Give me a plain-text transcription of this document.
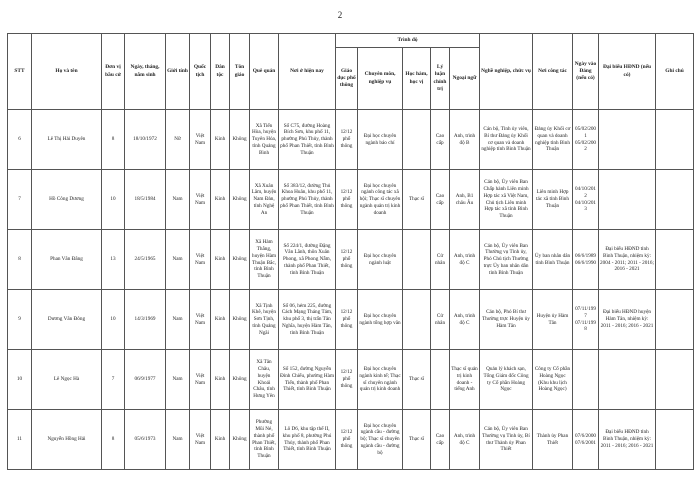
2
STT	Họ và tên	Đơn vị bầu cử	Ngày, tháng, năm sinh	Giới tính	Quốc tịch	Dân tộc	Tôn giáo	Quê quán	Nơi ở hiện nay	Trình độ					Nghề nghiệp, chức vụ	Nơi công tác	Ngày vào Đảng (nếu có)	Đại biểu HĐND (nếu có)	Ghi chú
										Giáo dục phổ thông	Chuyên môn, nghiệp vụ	Học hàm, học vị	Lý luận chính trị	Ngoại ngữ					
6	Lê Thị Hải Duyên	8	18/10/1972	Nữ	Việt Nam	Kinh	Không	Xã Tiến Hòa, huyện Tuyên Hóa, tỉnh Quảng Bình	Số C75, đường Hoàng Bích Sơn, khu phố 11, phường Phú Thủy, thành phố Phan Thiết, tỉnh Bình Thuận	12/12 phổ thông	Đại học chuyên ngành báo chí		Cao cấp	Anh, trình độ B	Cán bộ, Tỉnh ủy viên, Bí thư Đảng ủy Khối cơ quan và doanh nghiệp tỉnh Bình Thuận	Đảng ủy Khối cơ quan và doanh nghiệp tỉnh Bình Thuận	05/02/2001 05/02/2002		
7	Hồ Công Dương	10	18/5/1984	Nam	Việt Nam	Kinh	Không	Xã Xuân Lâm, huyện Nam Đàn, tỉnh Nghệ An	Số 383/12, đường Thủ Khoa Huân, khu phố 11, phường Phú Thủy, thành phố Phan Thiết, tỉnh Bình Thuận	12/12 phổ thông	Đại học chuyên ngành công tác xã hội; Thạc sĩ chuyên ngành quản trị kinh doanh	Thạc sĩ	Cao cấp	Anh, B1 châu Âu	Cán bộ, Ủy viên Ban Chấp hành Liên minh Hợp tác xã Việt Nam, Chủ tịch Liên minh Hợp tác xã tỉnh Bình Thuận	Liên minh Hợp tác xã tỉnh Bình Thuận	04/10/2012 04/10/2013		
8	Phan Văn Đăng	13	24/5/1965	Nam	Việt Nam	Kinh	Không	Xã Hàm Thắng, huyện Hàm Thuận Bắc, tỉnh Bình Thuận	Số 224/1, đường Đặng Văn Lãnh, thôn Xuân Phong, xã Phong Nẫm, thành phố Phan Thiết, tỉnh Bình Thuận	12/12 phổ thông	Đại học chuyên ngành luật		Cử nhân	Anh, trình độ C	Cán bộ, Ủy viên Ban Thường vụ Tỉnh ủy, Phó Chủ tịch Thường trực Ủy ban nhân dân tỉnh Bình Thuận	Ủy ban nhân dân tỉnh Bình Thuận	06/6/1989 06/6/1990	Đại biểu HĐND tỉnh Bình Thuận, nhiệm kỳ: 2004 - 2011; 2011 - 2016; 2016 - 2021	
9	Dương Văn Đông	10	14/3/1969	Nam	Việt Nam	Kinh	Không	Xã Tịnh Khê, huyện Sơn Tịnh, tỉnh Quảng Ngãi	Số 06, hẻm 225, đường Cách Mạng Tháng Tám, khu phố 3, thị trấn Tân Nghĩa, huyện Hàm Tân, tỉnh Bình Thuận	12/12 phổ thông	Đại học chuyên ngành tổng hợp văn		Cử nhân	Anh, trình độ C	Cán bộ, Phó Bí thư Thường trực Huyện ủy Hàm Tân	Huyện ủy Hàm Tân	07/11/1997 07/11/1998	Đại biểu HĐND huyện Hàm Tân, nhiệm kỳ: 2011 - 2016; 2016 - 2021	
10	Lê Ngọc Hà	7	06/9/1977	Nam	Việt Nam	Kinh	Không	Xã Tân Châu, huyện Khoái Châu, tỉnh Hưng Yên	Số 152, đường Nguyễn Đình Chiểu, phường Hàm Tiến, thành phố Phan Thiết, tỉnh Bình Thuận	12/12 phổ thông	Đại học chuyên ngành kinh tế; Thạc sĩ chuyên ngành quản trị kinh doanh	Thạc sĩ		Thạc sĩ quản trị kinh doanh - tiếng Anh	Quản lý khách sạn, Tổng Giám đốc Công ty Cổ phần Hoàng Ngọc	Công ty Cổ phần Hoàng Ngọc (Khu khu lịch Hoàng Ngọc)			
11	Nguyễn Hồng Hải	8	05/6/1973	Nam	Việt Nam	Kinh	Không	Phường Mũi Né, thành phố Phan Thiết, tỉnh Bình Thuận	Lô D6, khu tập thể II, khu phố 8, phường Phú Thủy, thành phố Phan Thiết, tỉnh Bình Thuận	12/12 phổ thông	Đại học chuyên ngành cầu - đường bộ; Thạc sĩ chuyên ngành cầu - đường bộ	Thạc sĩ	Cao cấp	Anh, trình độ C	Cán bộ, Ủy viên Ban Thường vụ Tỉnh ủy, Bí thư Thành ủy Phan Thiết	Thành ủy Phan Thiết	07/6/2000 07/6/2001	Đại biểu HĐND tỉnh Bình Thuận, nhiệm kỳ: 2011 - 2016; 2016 - 2021	
